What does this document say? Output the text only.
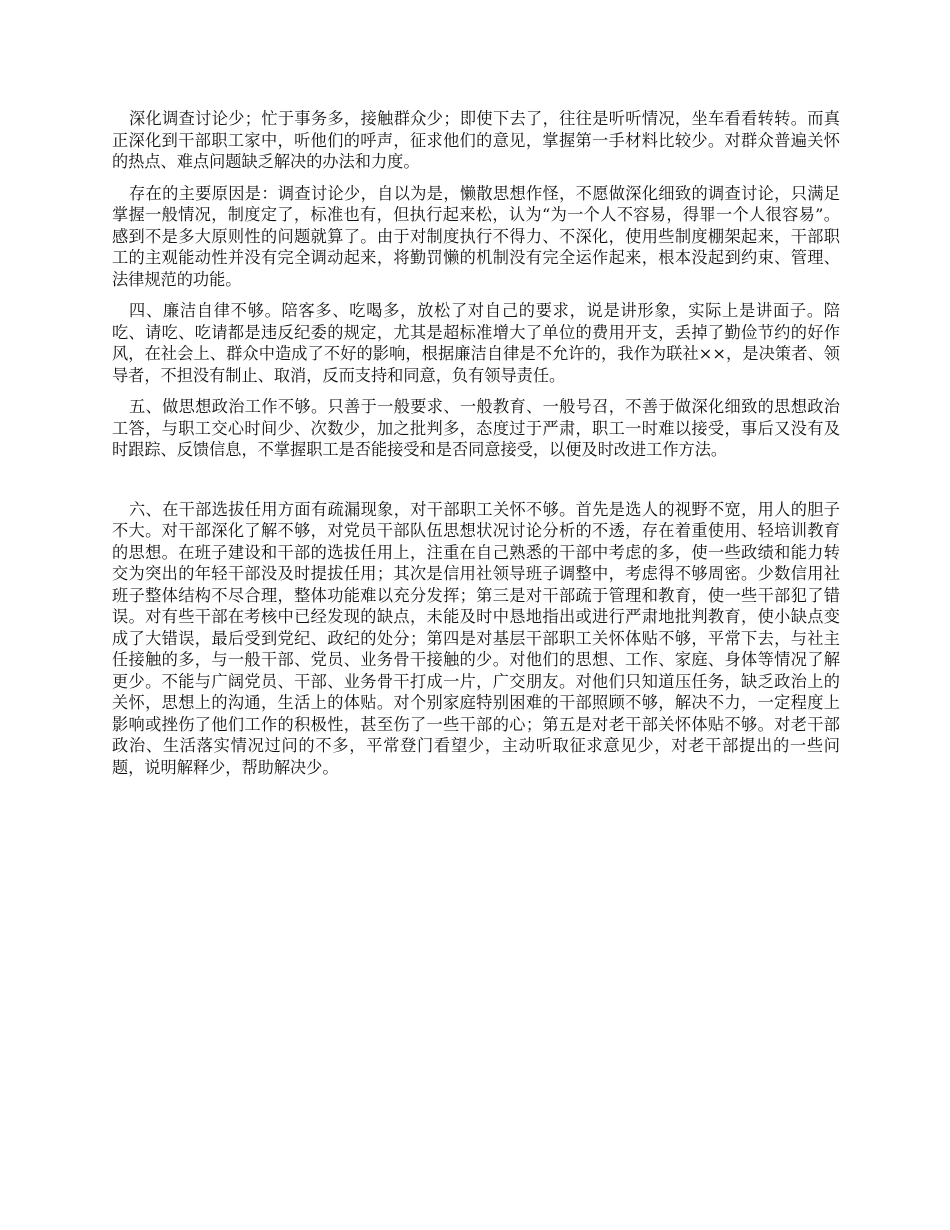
深化调查讨论少；忙于事务多，接触群众少；即使下去了，往往是听听情况，坐车看看转转。而真正深化到干部职工家中，听他们的呼声，征求他们的意见，掌握第一手材料比较少。对群众普遍关怀的热点、难点问题缺乏解决的办法和力度。

存在的主要原因是：调查讨论少，自以为是，懒散思想作怪，不愿做深化细致的调查讨论，只满足掌握一般情况，制度定了，标准也有，但执行起来松，认为“为一个人不容易，得罪一个人很容易”。感到不是多大原则性的问题就算了。由于对制度执行不得力、不深化，使用些制度棚架起来，干部职工的主观能动性并没有完全调动起来，将勤罚懒的机制没有完全运作起来，根本没起到约束、管理、法律规范的功能。

四、廉洁自律不够。陪客多、吃喝多，放松了对自己的要求，说是讲形象，实际上是讲面子。陪吃、请吃、吃请都是违反纪委的规定，尤其是超标准增大了单位的费用开支，丢掉了勤俭节约的好作风，在社会上、群众中造成了不好的影响，根据廉洁自律是不允许的，我作为联社××，是决策者、领导者，不担没有制止、取消，反而支持和同意，负有领导责任。

五、做思想政治工作不够。只善于一般要求、一般教育、一般号召，不善于做深化细致的思想政治工答，与职工交心时间少、次数少，加之批判多，态度过于严肃，职工一时难以接受，事后又没有及时跟踪、反馈信息，不掌握职工是否能接受和是否同意接受，以便及时改进工作方法。

六、在干部选拔任用方面有疏漏现象，对干部职工关怀不够。首先是选人的视野不宽，用人的胆子不大。对干部深化了解不够，对党员干部队伍思想状况讨论分析的不透，存在着重使用、轻培训教育的思想。在班子建设和干部的选拔任用上，注重在自己熟悉的干部中考虑的多，使一些政绩和能力转交为突出的年轻干部没及时提拔任用；其次是信用社领导班子调整中，考虑得不够周密。少数信用社班子整体结构不尽合理，整体功能难以充分发挥；第三是对干部疏于管理和教育，使一些干部犯了错误。对有些干部在考核中已经发现的缺点，未能及时中恳地指出或进行严肃地批判教育，使小缺点变成了大错误，最后受到党纪、政纪的处分；第四是对基层干部职工关怀体贴不够，平常下去，与社主任接触的多，与一般干部、党员、业务骨干接触的少。对他们的思想、工作、家庭、身体等情况了解更少。不能与广阔党员、干部、业务骨干打成一片，广交朋友。对他们只知道压任务，缺乏政治上的关怀，思想上的沟通，生活上的体贴。对个别家庭特别困难的干部照顾不够，解决不力，一定程度上影响或挫伤了他们工作的积极性，甚至伤了一些干部的心；第五是对老干部关怀体贴不够。对老干部政治、生活落实情况过问的不多，平常登门看望少，主动听取征求意见少，对老干部提出的一些问题，说明解释少，帮助解决少。
